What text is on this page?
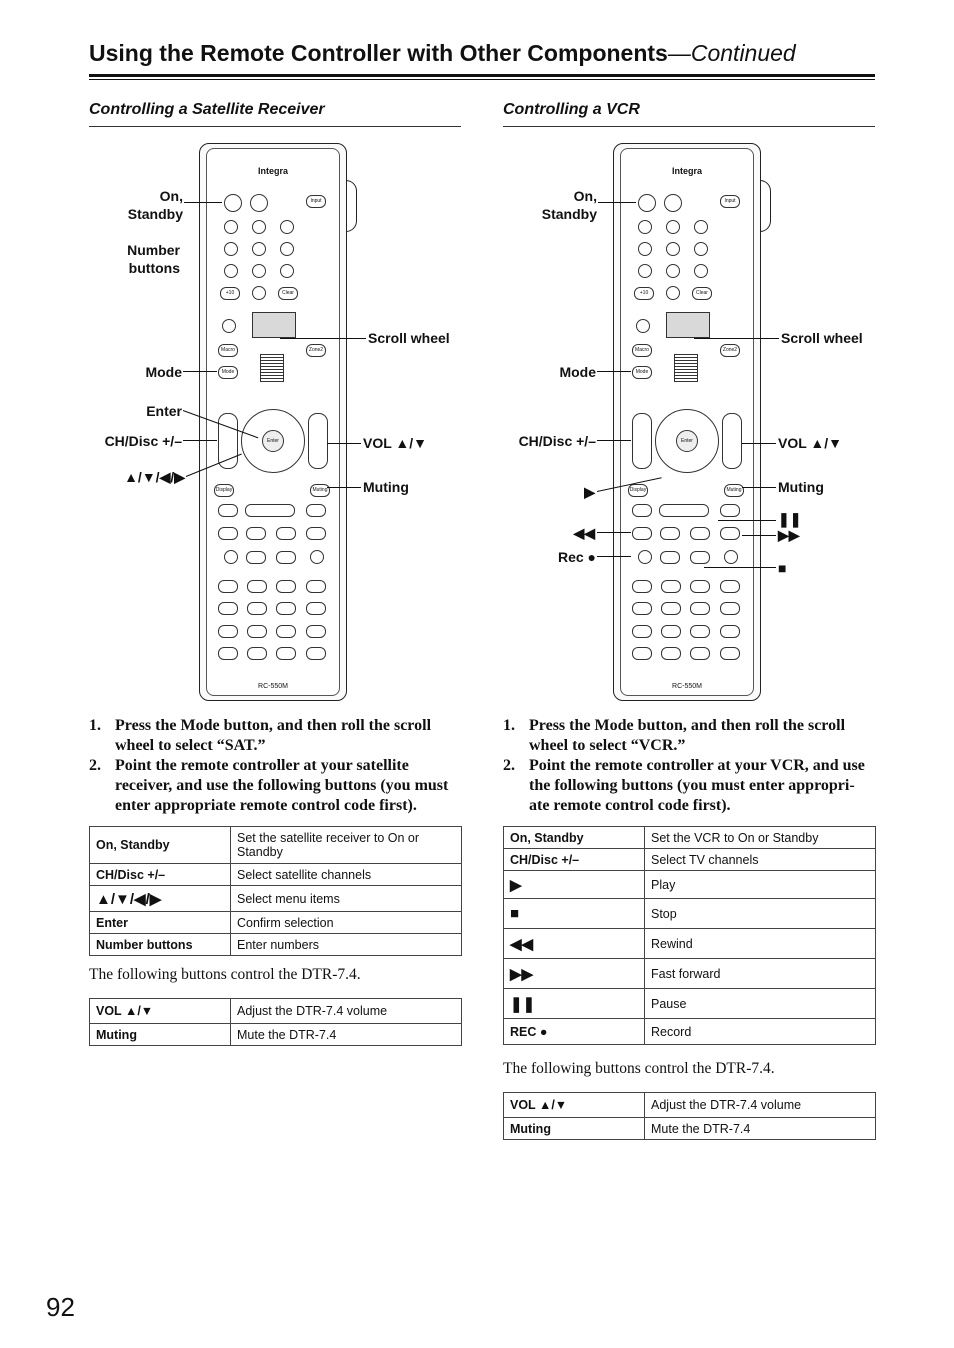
Using the Remote Controller with Other Components—Continued
Controlling a Satellite Receiver	Controlling a VCR
Integra
Input
+10	Clear
Macro	Zone2
Mode
Enter
Display	Muting
RC-550M
On,
Standby
Number
buttons
Mode
Enter
CH/Disc +/–
▲/▼/◀/▶
Scroll wheel
VOL ▲/▼
Muting
Integra
Input
+10	Clear
Macro	Zone2
Mode
Enter
Display	Muting
RC-550M
On,
Standby
Mode
CH/Disc +/–
▶
◀◀
Rec ●
Scroll wheel
VOL ▲/▼
Muting
❚❚
▶▶
■
1. Press the Mode button, and then roll the scroll wheel to select “SAT.”
2. Point the remote controller at your satellite receiver, and use the following buttons (you must enter appropriate remote control code first).
1. Press the Mode button, and then roll the scroll wheel to select “VCR.”
2. Point the remote controller at your VCR, and use the following buttons (you must enter appropri-ate remote control code first).
On, Standby	Set the satellite receiver to On or Standby
CH/Disc +/–	Select satellite channels
▲/▼/◀/▶	Select menu items
Enter	Confirm selection
Number buttons	Enter numbers
The following buttons control the DTR-7.4.
VOL ▲/▼	Adjust the DTR-7.4 volume
Muting	Mute the DTR-7.4
On, Standby	Set the VCR to On or Standby
CH/Disc +/–	Select TV channels
▶	Play
■	Stop
◀◀	Rewind
▶▶	Fast forward
❚❚	Pause
REC ●	Record
The following buttons control the DTR-7.4.
VOL ▲/▼	Adjust the DTR-7.4 volume
Muting	Mute the DTR-7.4
92
